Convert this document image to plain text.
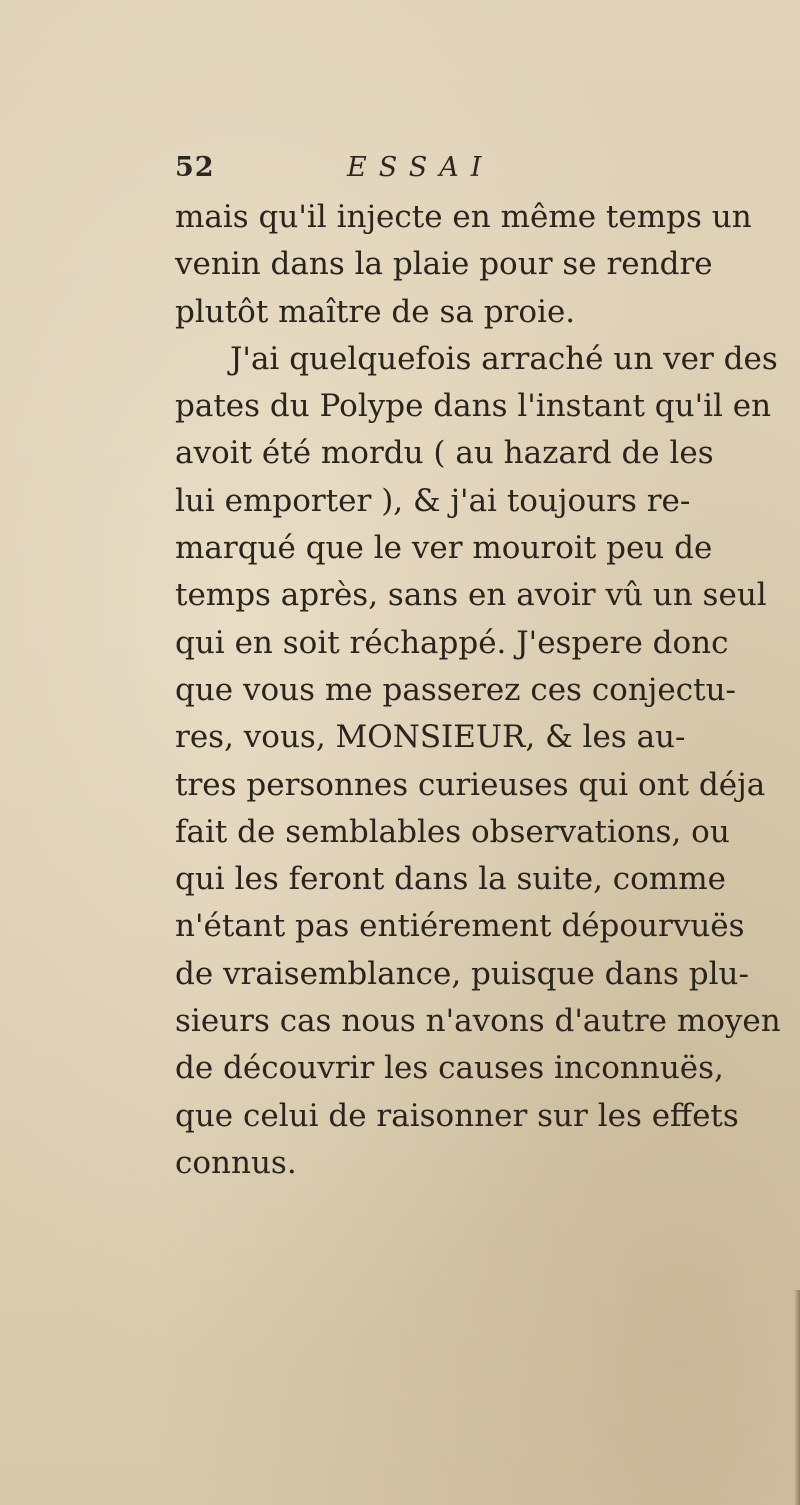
52	ESSAI
mais qu'il injecte en même temps un
venin dans la plaie pour se rendre
plutôt maître de sa proie.
J'ai quelquefois arraché un ver des
pates du Polype dans l'instant qu'il en
avoit été mordu ( au hazard de les
lui emporter ), & j'ai toujours re-
marqué que le ver mouroit peu de
temps après, sans en avoir vû un seul
qui en soit réchappé. J'espere donc
que vous me passerez ces conjectu-
res, vous, MONSIEUR, & les au-
tres personnes curieuses qui ont déja
fait de semblables observations, ou
qui les feront dans la suite, comme
n'étant pas entiérement dépourvuës
de vraisemblance, puisque dans plu-
sieurs cas nous n'avons d'autre moyen
de découvrir les causes inconnuës,
que celui de raisonner sur les effets
connus.
